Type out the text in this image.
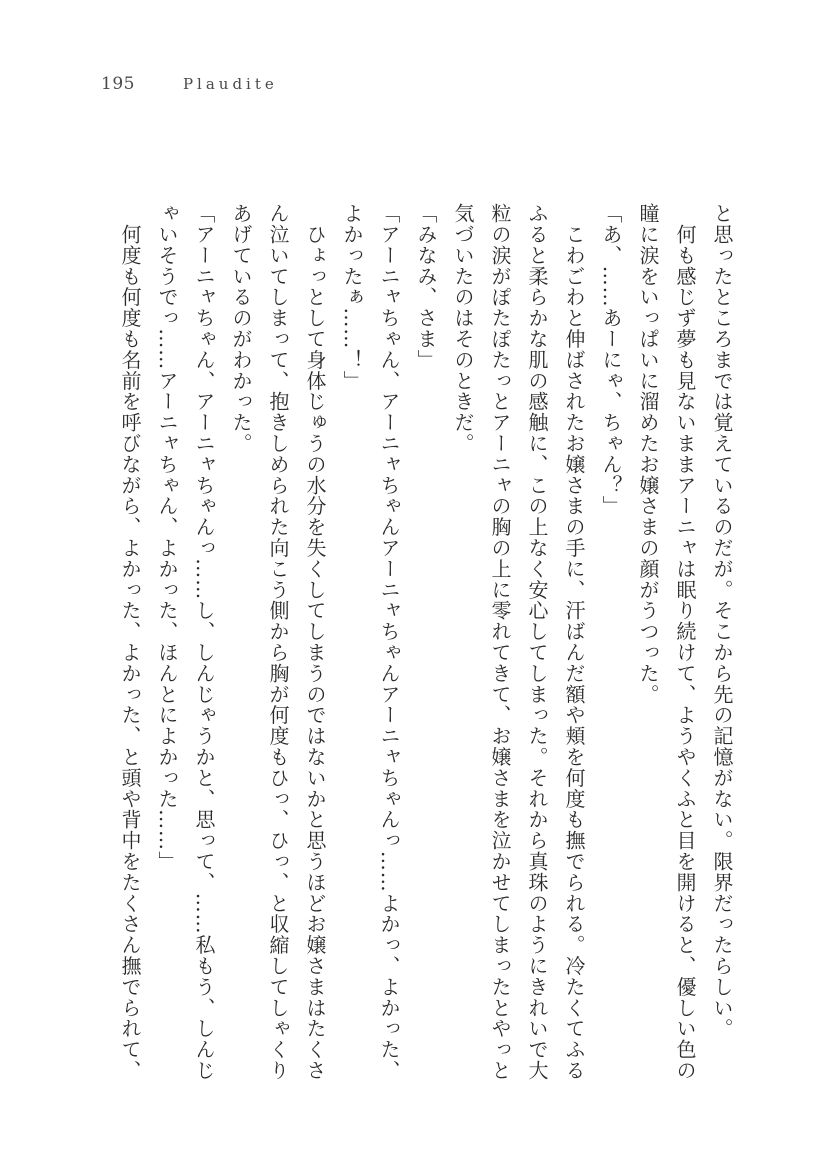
195	Plaudite

と思ったところまでは覚えているのだが。そこから先の記憶がない。限界だったらしい。

　何も感じず夢も見ないままアーニャは眠り続けて、ようやくふと目を開けると、優しい色の瞳に涙をいっぱいに溜めたお嬢さまの顔がうつった。

「あ、……あーにゃ、ちゃん？」

　こわごわと伸ばされたお嬢さまの手に、汗ばんだ額や頬を何度も撫でられる。冷たくてふるふると柔らかな肌の感触に、この上なく安心してしまった。それから真珠のようにきれいで大粒の涙がぽたぽたっとアーニャの胸の上に零れてきて、お嬢さまを泣かせてしまったとやっと気づいたのはそのときだ。

「みなみ、さま」

「アーニャちゃん、アーニャちゃんアーニャちゃんアーニャちゃんっ……よかっ、よかった、よかったぁ……！」

　ひょっとして身体じゅうの水分を失くしてしまうのではないかと思うほどお嬢さまはたくさん泣いてしまって、抱きしめられた向こう側から胸が何度もひっ、ひっ、と収縮してしゃくりあげているのがわかった。

「アーニャちゃん、アーニャちゃんっ……し、しんじゃうかと、思って、……私もう、しんじゃいそうでっ……アーニャちゃん、よかった、ほんとによかった……」

　何度も何度も名前を呼びながら、よかった、よかった、と頭や背中をたくさん撫でられて、
